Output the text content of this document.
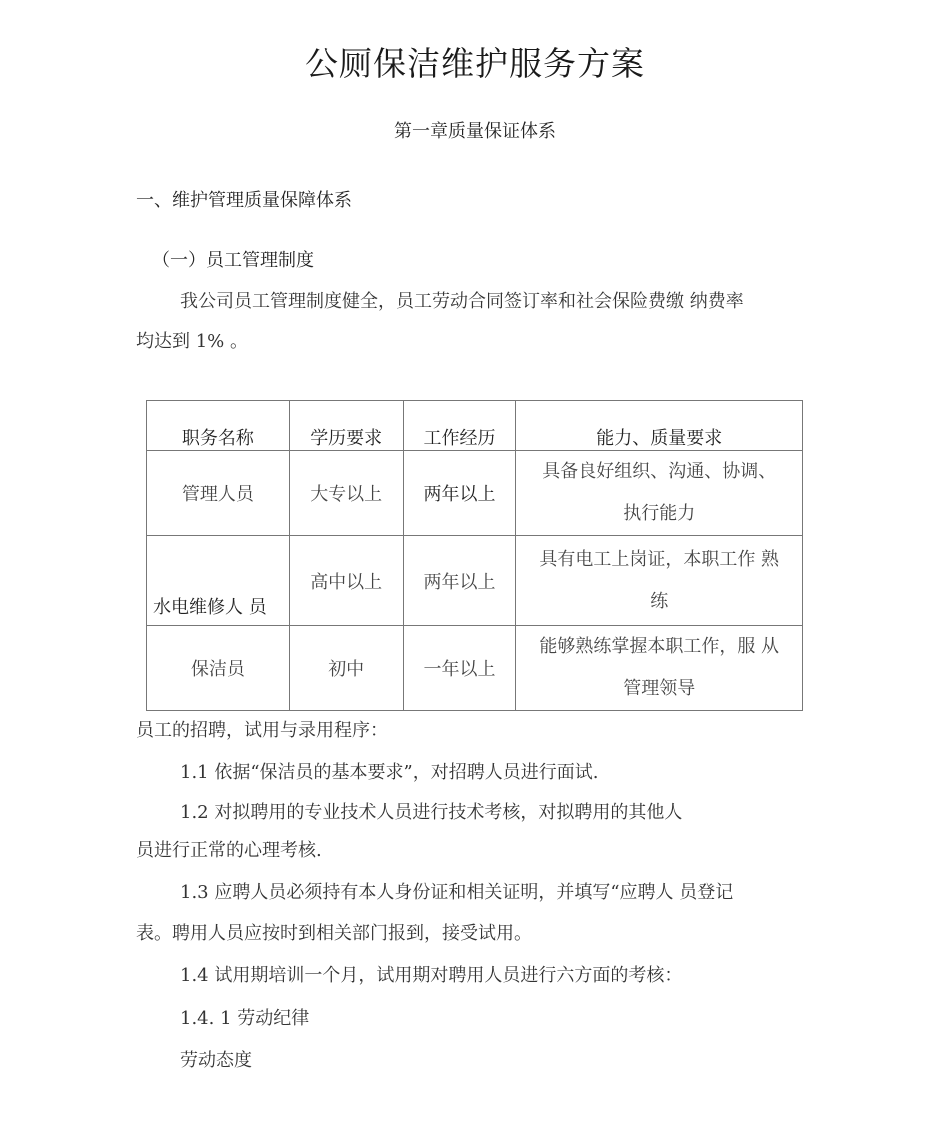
公厕保洁维护服务方案
第一章质量保证体系
一、维护管理质量保障体系
（一）员工管理制度
我公司员工管理制度健全，员工劳动合同签订率和社会保险费缴 纳费率
均达到 1% 。
职务名称	学历要求	工作经历	能力、质量要求
管理人员	大专以上	两年以上	具备良好组织、沟通、协调、
执行能力

水电维修人 员	高中以上	两年以上	具有电工上岗证，本职工作 熟
练

保洁员	初中	一年以上	能够熟练掌握本职工作，服 从
管理领导
员工的招聘，试用与录用程序：
1.1 依据“保洁员的基本要求”，对招聘人员进行面试.
1.2 对拟聘用的专业技术人员进行技术考核，对拟聘用的其他人
员进行正常的心理考核.
1.3 应聘人员必须持有本人身份证和相关证明，并填写“应聘人 员登记
表。聘用人员应按时到相关部门报到，接受试用。
1.4 试用期培训一个月，试用期对聘用人员进行六方面的考核：
1.4. 1 劳动纪律
劳动态度
